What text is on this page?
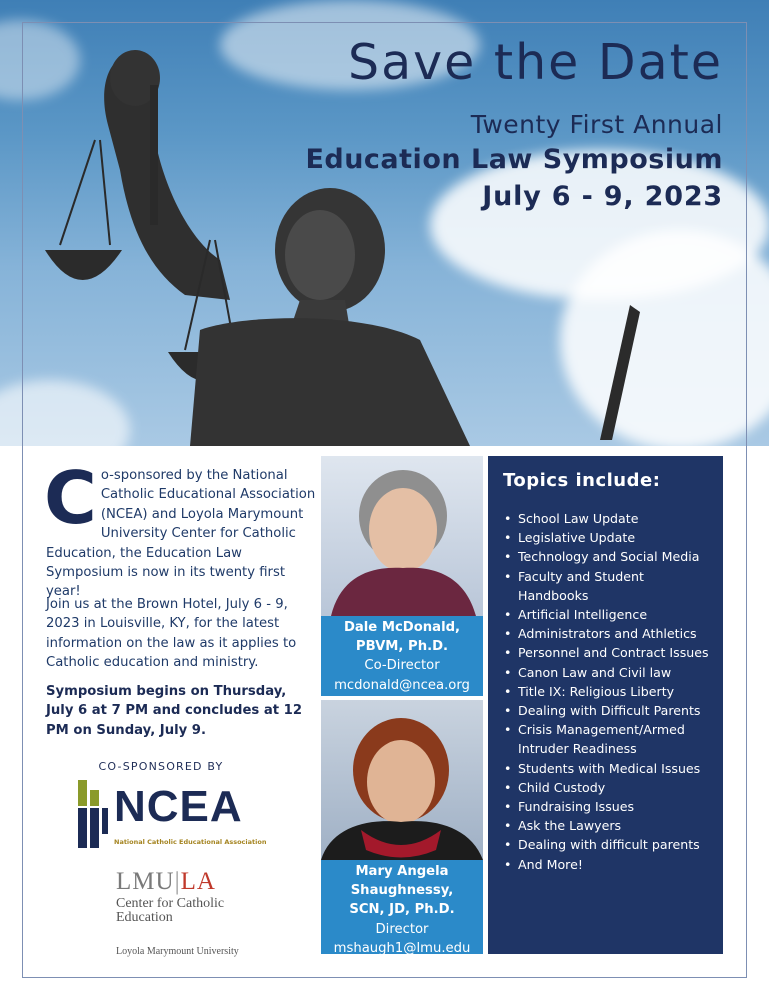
Save the Date
Twenty First Annual
Education Law Symposium
July 6 - 9, 2023
Co-sponsored by the National Catholic Educational Association (NCEA) and Loyola Marymount University Center for Catholic Education, the Education Law Symposium is now in its twenty first year!
Join us at the Brown Hotel, July 6 - 9, 2023 in Louisville, KY, for the latest information on the law as it applies to Catholic education and ministry.
Symposium begins on Thursday, July 6 at 7 PM and concludes at 12 PM on Sunday, July 9.
CO-SPONSORED BY
NCEA
National Catholic Educational Association
LMU|LA
Center for Catholic Education
Loyola Marymount University
Dale McDonald, PBVM, Ph.D.
Co-Director
mcdonald@ncea.org
Mary Angela Shaughnessy, SCN, JD, Ph.D.
Director
mshaugh1@lmu.edu
Topics include:
• School Law Update
• Legislative Update
• Technology and Social Media
• Faculty and Student Handbooks
• Artificial Intelligence
• Administrators and Athletics
• Personnel and Contract Issues
• Canon Law and Civil law
• Title IX: Religious Liberty
• Dealing with Difficult Parents
• Crisis Management/Armed Intruder Readiness
• Students with Medical Issues
• Child Custody
• Fundraising Issues
• Ask the Lawyers
• Dealing with difficult parents
• And More!
